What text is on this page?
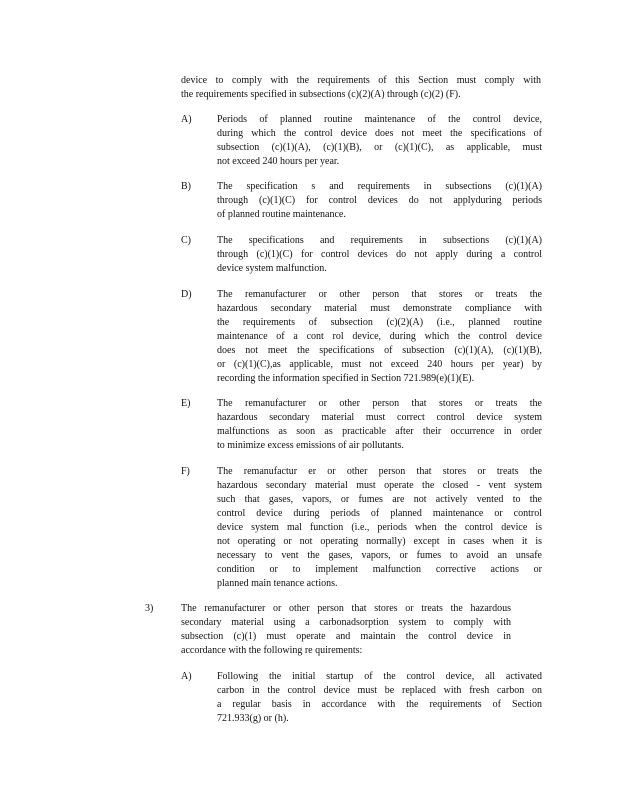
device to comply with the requirements of this Section must comply with
the requirements specified in subsections (c)(2)(A) through (c)(2) (F).
A)	Periods of planned routine maintenance of the control device,
during which the control device does not meet the specifications of
subsection (c)(1)(A), (c)(1)(B), or (c)(1)(C), as applicable, must
not exceed 240 hours per year.
B)	The specification s and requirements in subsections (c)(1)(A)
through (c)(1)(C) for control devices do not applyduring periods
of planned routine maintenance.
C)	The specifications and requirements in subsections (c)(1)(A)
through (c)(1)(C) for control devices do not apply during a control
device system malfunction.
D)	The remanufacturer or other person that stores or treats the
hazardous secondary material must demonstrate compliance with
the requirements of subsection (c)(2)(A) (i.e., planned routine
maintenance of a cont rol device, during which the control device
does not meet the specifications of subsection (c)(1)(A), (c)(1)(B),
or (c)(1)(C),as applicable, must not exceed 240 hours per year) by
recording the information specified in Section 721.989(e)(1)(E).
E)	The remanufacturer or other person that stores or treats the
hazardous secondary material must correct control device system
malfunctions as soon as practicable after their occurrence in order
to minimize excess emissions of air pollutants.
F)	The remanufactur er or other person that stores or treats the
hazardous secondary material must operate the closed - vent system
such that gases, vapors, or fumes are not actively vented to the
control device during periods of planned maintenance or control
device system mal function (i.e., periods when the control device is
not operating or not operating normally) except in cases when it is
necessary to vent the gases, vapors, or fumes to avoid an unsafe
condition or to implement malfunction corrective actions or
planned main tenance actions.
3)	The remanufacturer or other person that stores or treats the hazardous
secondary material using a carbonadsorption system to comply with
subsection (c)(1) must operate and maintain the control device in
accordance with the following re quirements:
A)	Following the initial startup of the control device, all activated
carbon in the control device must be replaced with fresh carbon on
a regular basis in accordance with the requirements of Section
721.933(g) or (h).
